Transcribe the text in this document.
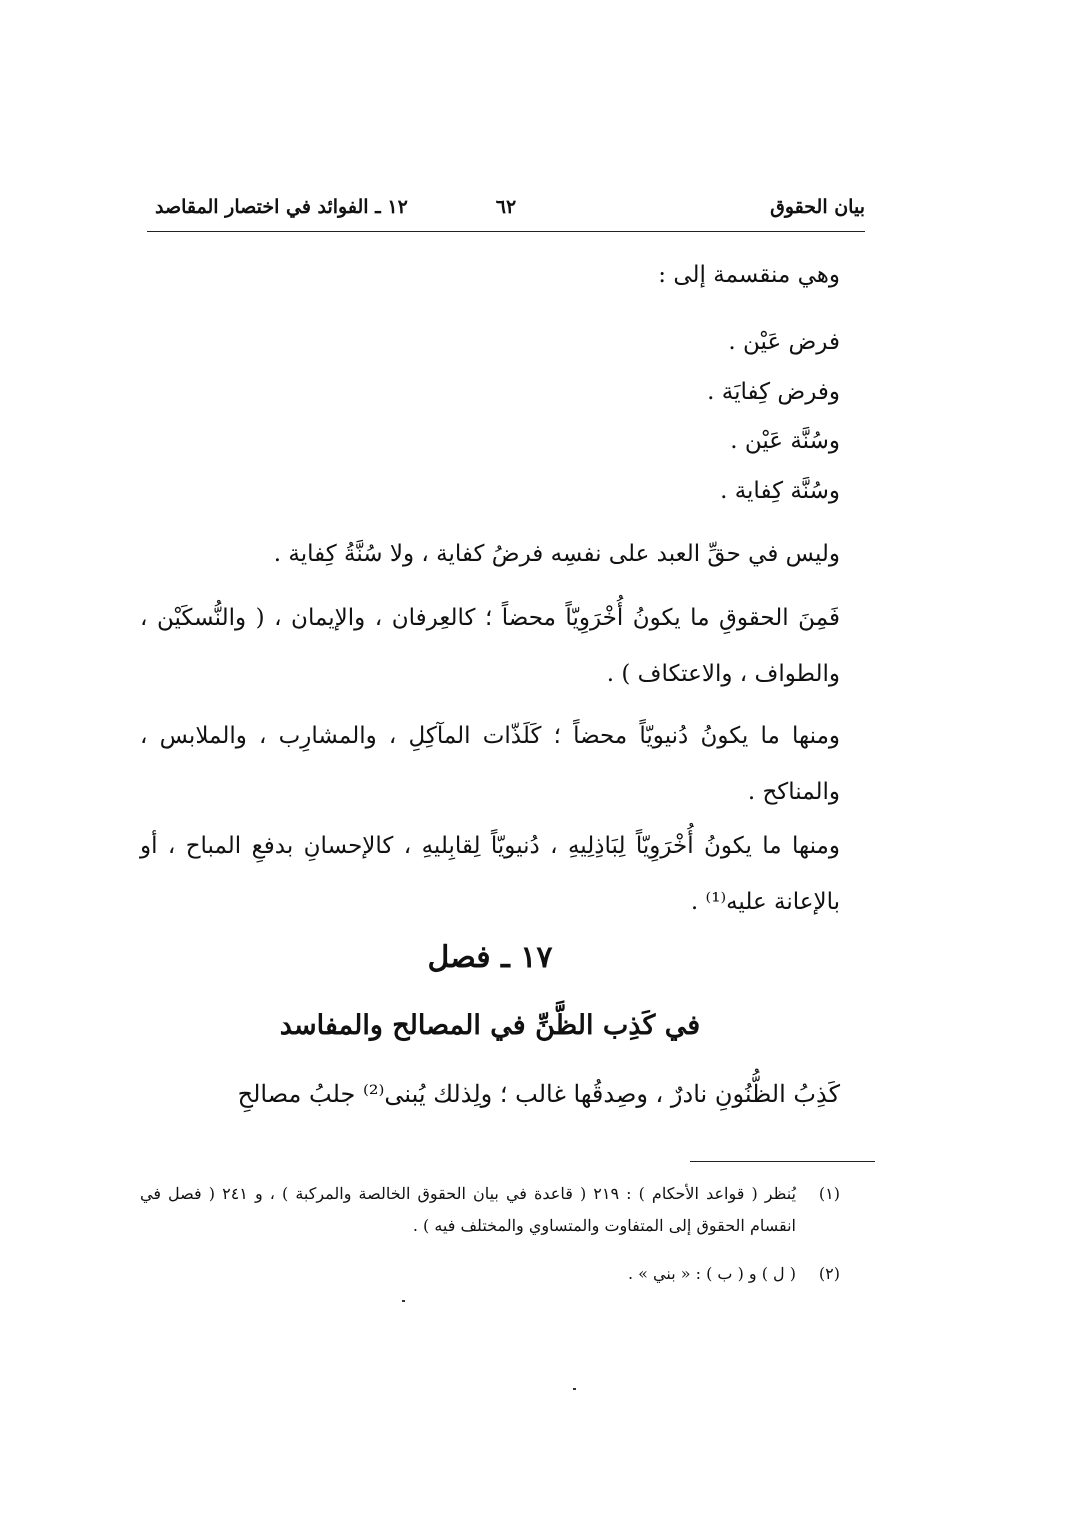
بيان الحقوق
٦٢
١٢ ـ الفوائد في اختصار المقاصد
وهي منقسمة إلى :
فرض عَيْن .
وفرض كِفايَة .
وسُنَّة عَيْن .
وسُنَّة كِفاية .
وليس في حقِّ العبد على نفسِه فرضُ كفاية ، ولا سُنَّةُ كِفاية .
فَمِنَ الحقوقِ ما يكونُ أُخْرَوِيّاً محضاً ؛ كالعِرفان ، والإيمان ، ( والنُّسكَيْن ، والطواف ، والاعتكاف ) .
ومنها ما يكونُ دُنيويّاً محضاً ؛ كَلَذّات المآكِلِ ، والمشارِب ، والملابس ، والمناكح .
ومنها ما يكونُ أُخْرَوِيّاً لِبَاذِلِيهِ ، دُنيويّاً لِقابِليهِ ، كالإحسانِ بدفعِ المباح ، أو بالإعانة عليه⁽¹⁾ .
١٧ ـ فصل
في كَذِب الظَّنِّ في المصالح والمفاسد
كَذِبُ الظُّنُونِ نادرٌ ، وصِدقُها غالب ؛ ولِذلك يُبنى⁽²⁾ جلبُ مصالحِ
(١)
يُنظر ( قواعد الأحكام ) : ٢١٩ ( قاعدة في بيان الحقوق الخالصة والمركبة ) ، و ٢٤١ ( فصل في انقسام الحقوق إلى المتفاوت والمتساوي والمختلف فيه ) .
(٢)
( ل ) و ( ب ) : « بني » .
